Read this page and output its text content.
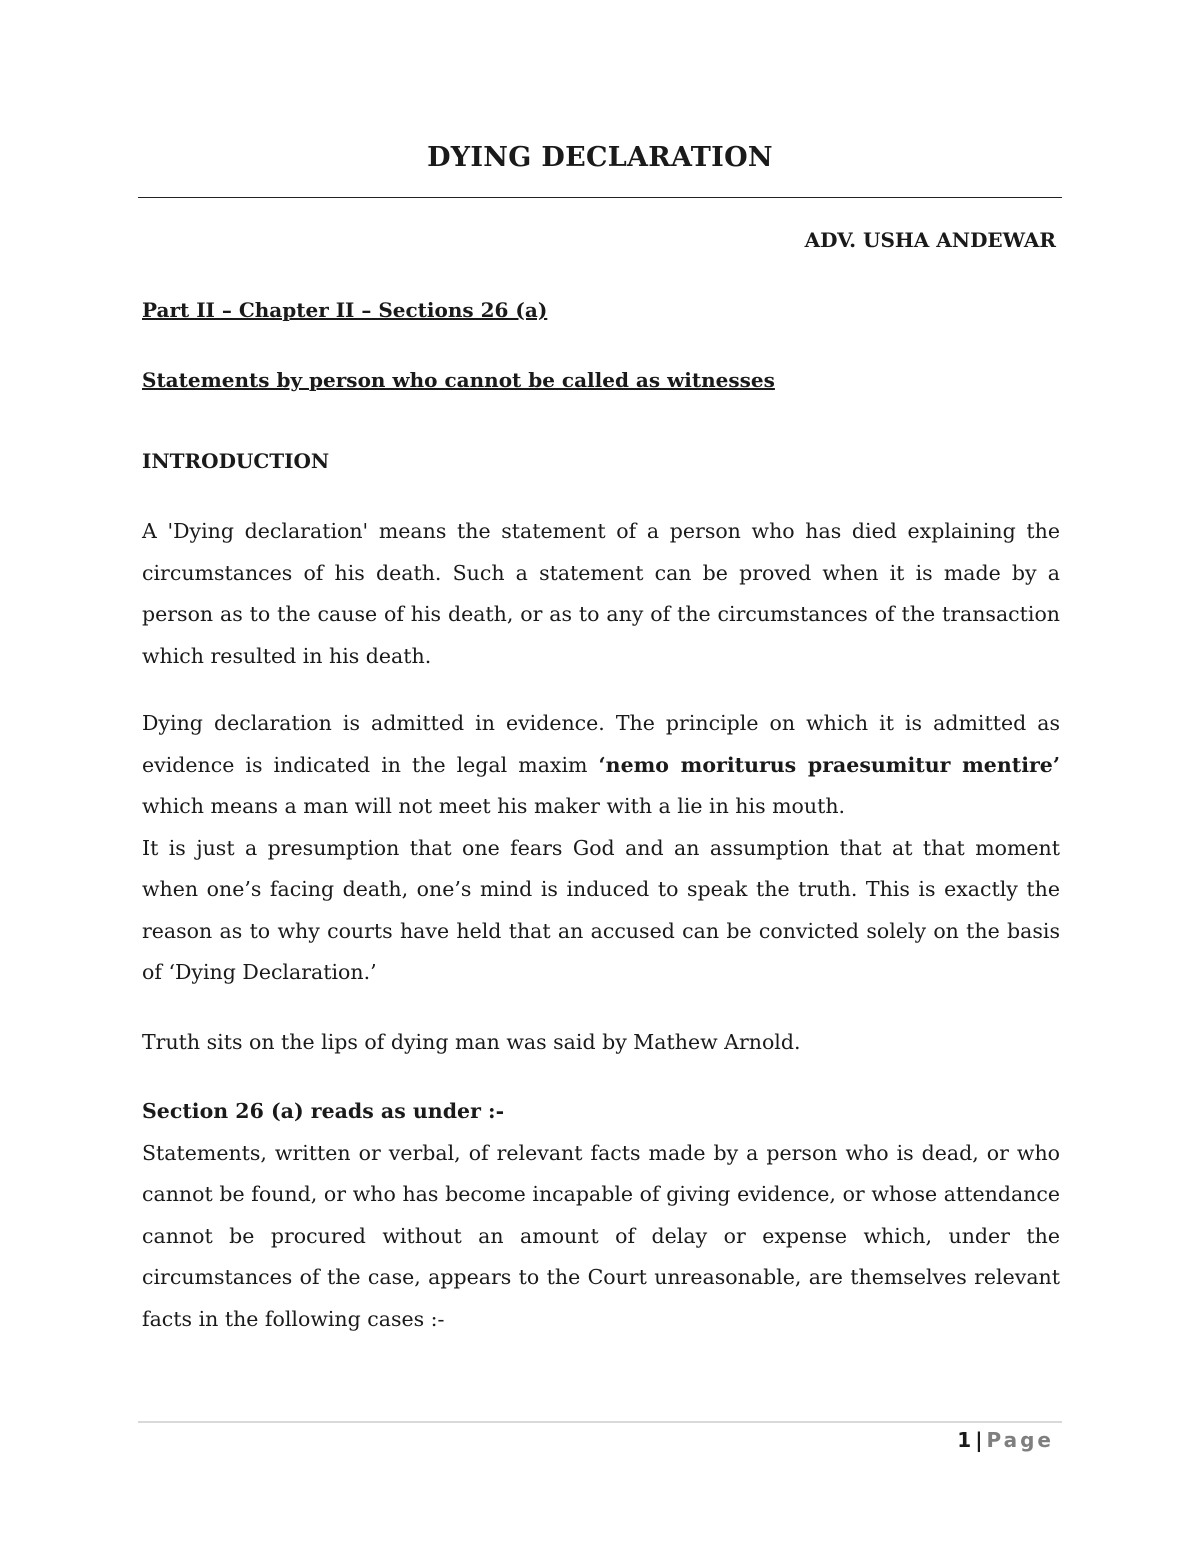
DYING DECLARATION
ADV. USHA ANDEWAR
Part II – Chapter II – Sections 26 (a)
Statements by person who cannot be called as witnesses
INTRODUCTION

A 'Dying declaration' means the statement of a person who has died explaining the circumstances of his death. Such a statement can be proved when it is made by a person as to the cause of his death, or as to any of the circumstances of the transaction which resulted in his death.

Dying declaration is admitted in evidence. The principle on which it is admitted as evidence is indicated in the legal maxim ‘nemo moriturus praesumitur mentire’ which means a man will not meet his maker with a lie in his mouth.
It is just a presumption that one fears God and an assumption that at that moment when one’s facing death, one’s mind is induced to speak the truth. This is exactly the reason as to why courts have held that an accused can be convicted solely on the basis of ‘Dying Declaration.’

Truth sits on the lips of dying man was said by Mathew Arnold.

Section 26 (a) reads as under :-
Statements, written or verbal, of relevant facts made by a person who is dead, or who cannot be found, or who has become incapable of giving evidence, or whose attendance cannot be procured without an amount of delay or expense which, under the circumstances of the case, appears to the Court unreasonable, are themselves relevant facts in the following cases :-
1 | Page
